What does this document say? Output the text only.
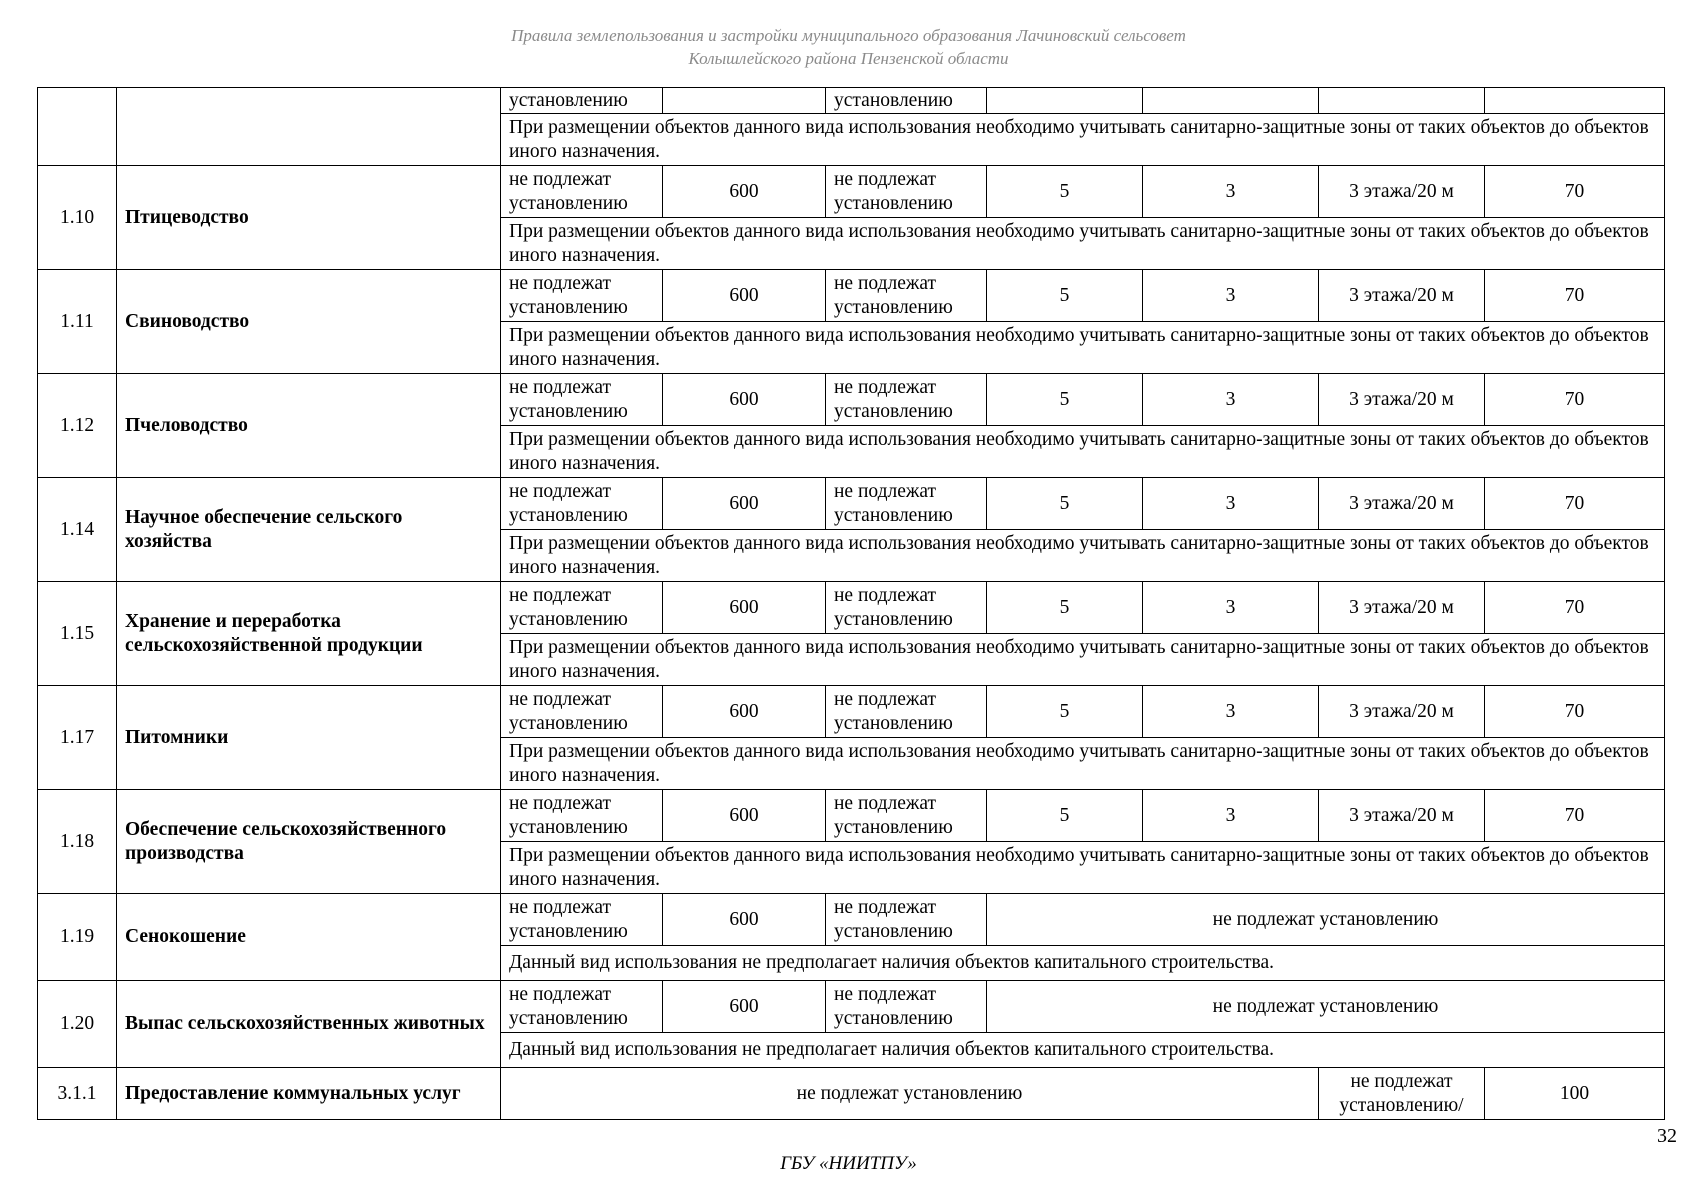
Правила землепользования и застройки муниципального образования Лачиновский сельсовет
Колышлейского района Пензенской области
		установлению		установлению				
		При размещении объектов данного вида использования необходимо учитывать санитарно-защитные зоны от таких объектов до объектов иного назначения.						
1.10	Птицеводство	не подлежат установлению	600	не подлежат установлению	5	3	3 этажа/20 м	70
		При размещении объектов данного вида использования необходимо учитывать санитарно-защитные зоны от таких объектов до объектов иного назначения.						
1.11	Свиноводство	не подлежат установлению	600	не подлежат установлению	5	3	3 этажа/20 м	70
		При размещении объектов данного вида использования необходимо учитывать санитарно-защитные зоны от таких объектов до объектов иного назначения.						
1.12	Пчеловодство	не подлежат установлению	600	не подлежат установлению	5	3	3 этажа/20 м	70
		При размещении объектов данного вида использования необходимо учитывать санитарно-защитные зоны от таких объектов до объектов иного назначения.						
1.14	Научное обеспечение сельского хозяйства	не подлежат установлению	600	не подлежат установлению	5	3	3 этажа/20 м	70
		При размещении объектов данного вида использования необходимо учитывать санитарно-защитные зоны от таких объектов до объектов иного назначения.						
1.15	Хранение и переработка сельскохозяйственной продукции	не подлежат установлению	600	не подлежат установлению	5	3	3 этажа/20 м	70
		При размещении объектов данного вида использования необходимо учитывать санитарно-защитные зоны от таких объектов до объектов иного назначения.						
1.17	Питомники	не подлежат установлению	600	не подлежат установлению	5	3	3 этажа/20 м	70
		При размещении объектов данного вида использования необходимо учитывать санитарно-защитные зоны от таких объектов до объектов иного назначения.						
1.18	Обеспечение сельскохозяйственного производства	не подлежат установлению	600	не подлежат установлению	5	3	3 этажа/20 м	70
		При размещении объектов данного вида использования необходимо учитывать санитарно-защитные зоны от таких объектов до объектов иного назначения.						
1.19	Сенокошение	не подлежат установлению	600	не подлежат установлению	не подлежат установлению			
		Данный вид использования не предполагает наличия объектов капитального строительства.						
1.20	Выпас сельскохозяйственных животных	не подлежат установлению	600	не подлежат установлению	не подлежат установлению			
		Данный вид использования не предполагает наличия объектов капитального строительства.						
3.1.1	Предоставление коммунальных услуг	не подлежат установлению					не подлежат установлению/	100
32
ГБУ «НИИТПУ»
